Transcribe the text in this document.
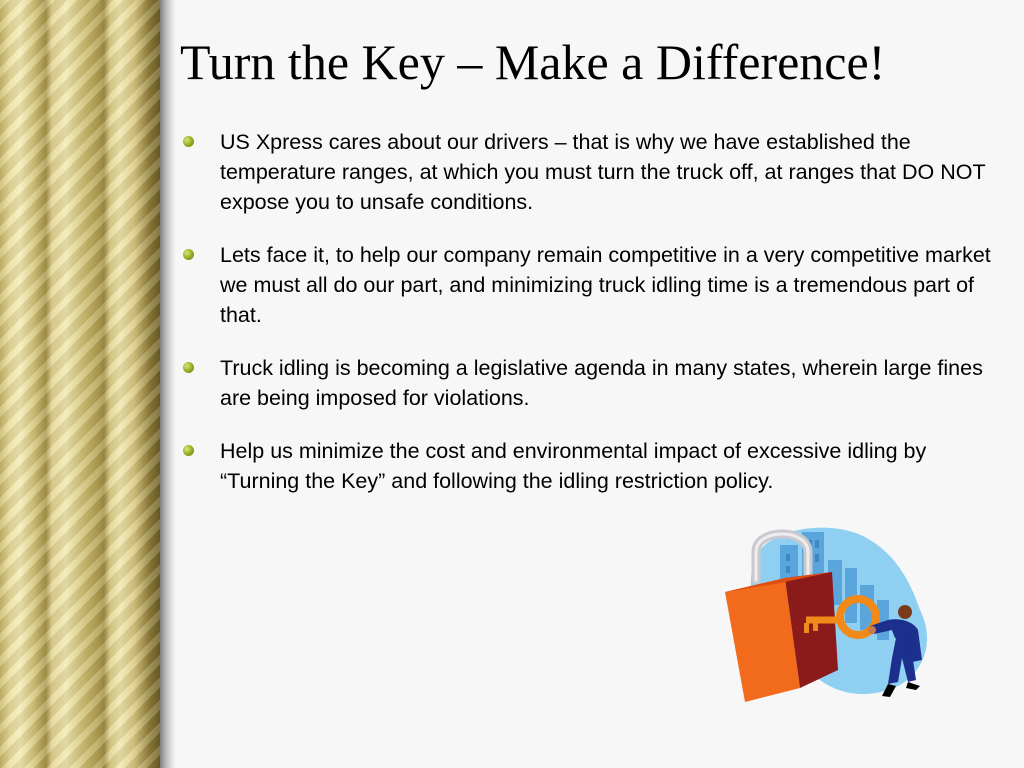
Turn the Key – Make a Difference!
US Xpress cares about our drivers – that is why we have established the temperature ranges, at which you must turn the truck off, at ranges that DO NOT expose you to unsafe conditions.
Lets face it, to help our company remain competitive in a very competitive market we must all do our part, and minimizing truck idling time is a tremendous part of that.
Truck idling is becoming a legislative agenda in many states, wherein large fines are being imposed for violations.
Help us minimize the cost and environmental impact of excessive idling by “Turning the Key” and following the idling restriction policy.
